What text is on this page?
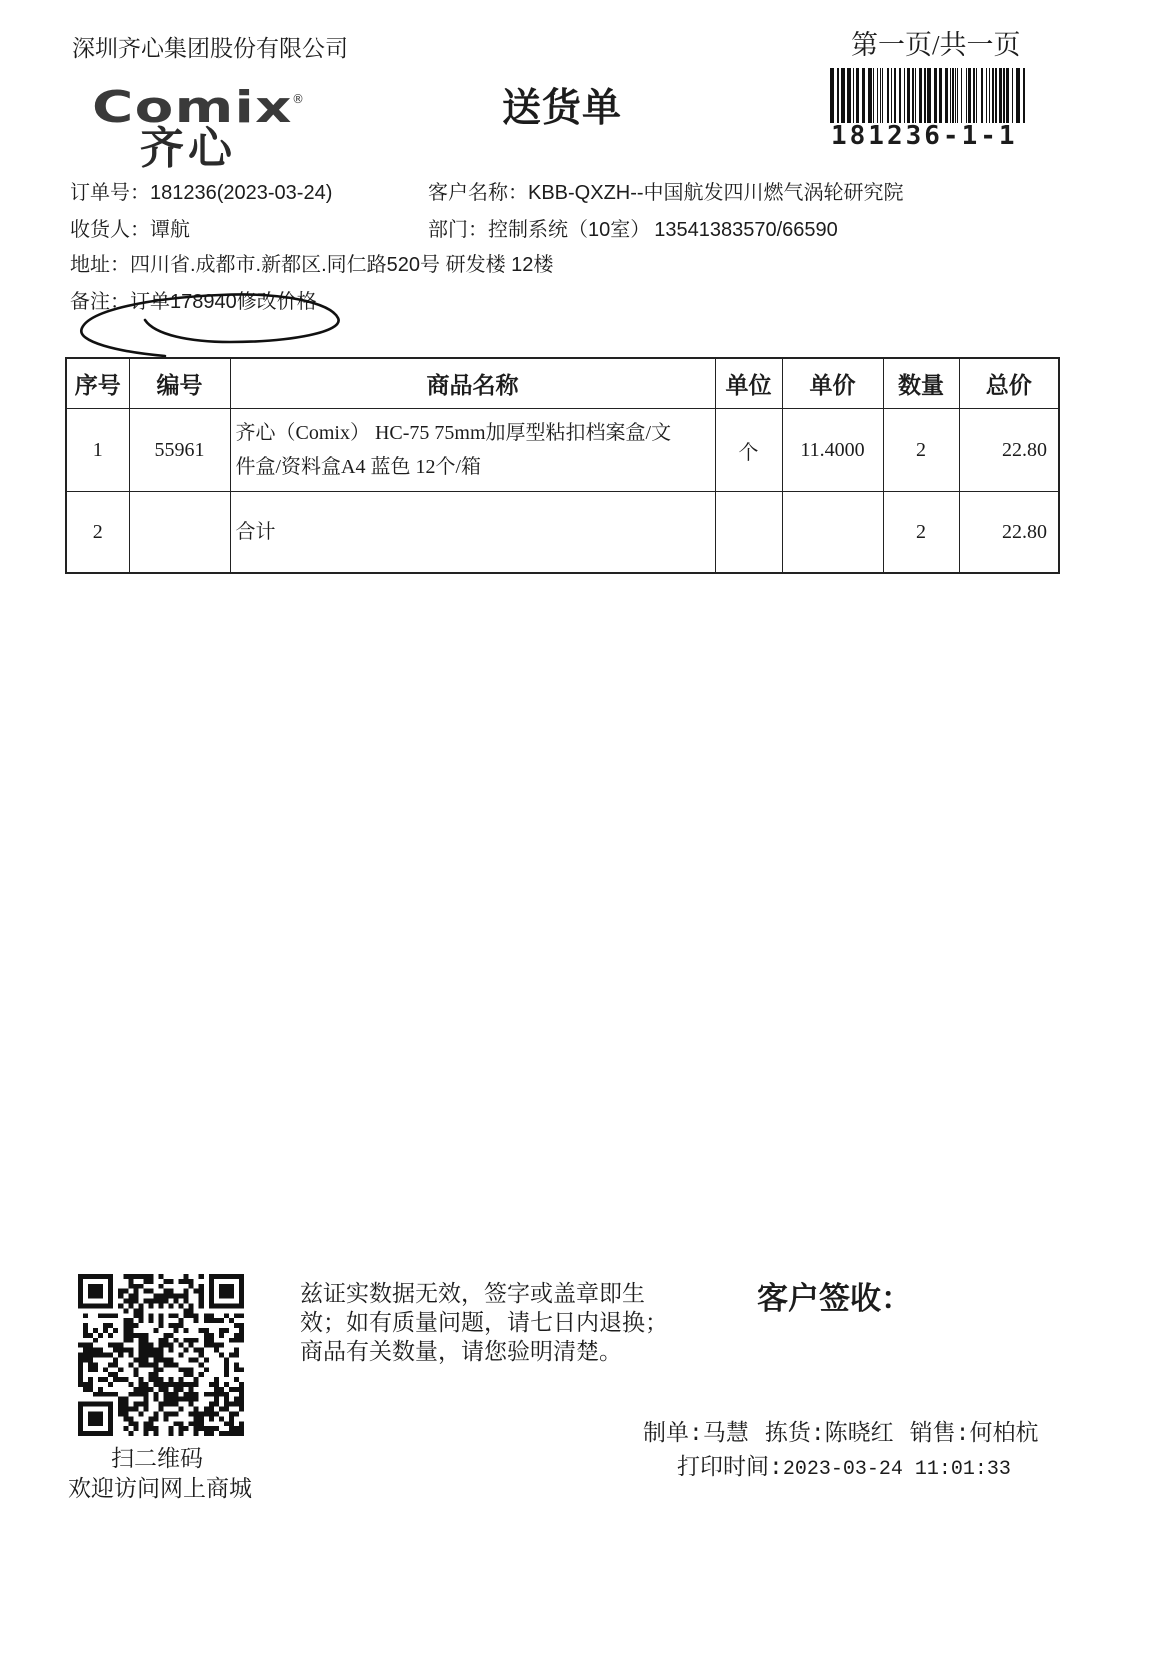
深圳齐心集团股份有限公司	第一页/共一页
181236-1-1
Comix ®
齐心
送货单
订单号：181236(2023-03-24)	客户名称：KBB-QXZH--中国航发四川燃气涡轮研究院
收货人：谭航	部门：控制系统（10室） 13541383570/66590
地址：四川省.成都市.新都区.同仁路520号 研发楼 12楼
备注：订单178940修改价格
序号	编号	商品名称	单位	单价	数量	总价
1	55961	齐心（Comix） HC-75 75mm加厚型粘扣档案盒/文件盒/资料盒A4 蓝色 12个/箱	个	11.4000	2	22.80
2		合计			2	22.80
扫二维码
欢迎访问网上商城
兹证实数据无效，签字或盖章即生
效；如有质量问题，请七日内退换；
商品有关数量，请您验明清楚。
客户签收：
制单:马慧 拣货:陈晓红 销售:何柏杭
打印时间:2023-03-24 11:01:33
